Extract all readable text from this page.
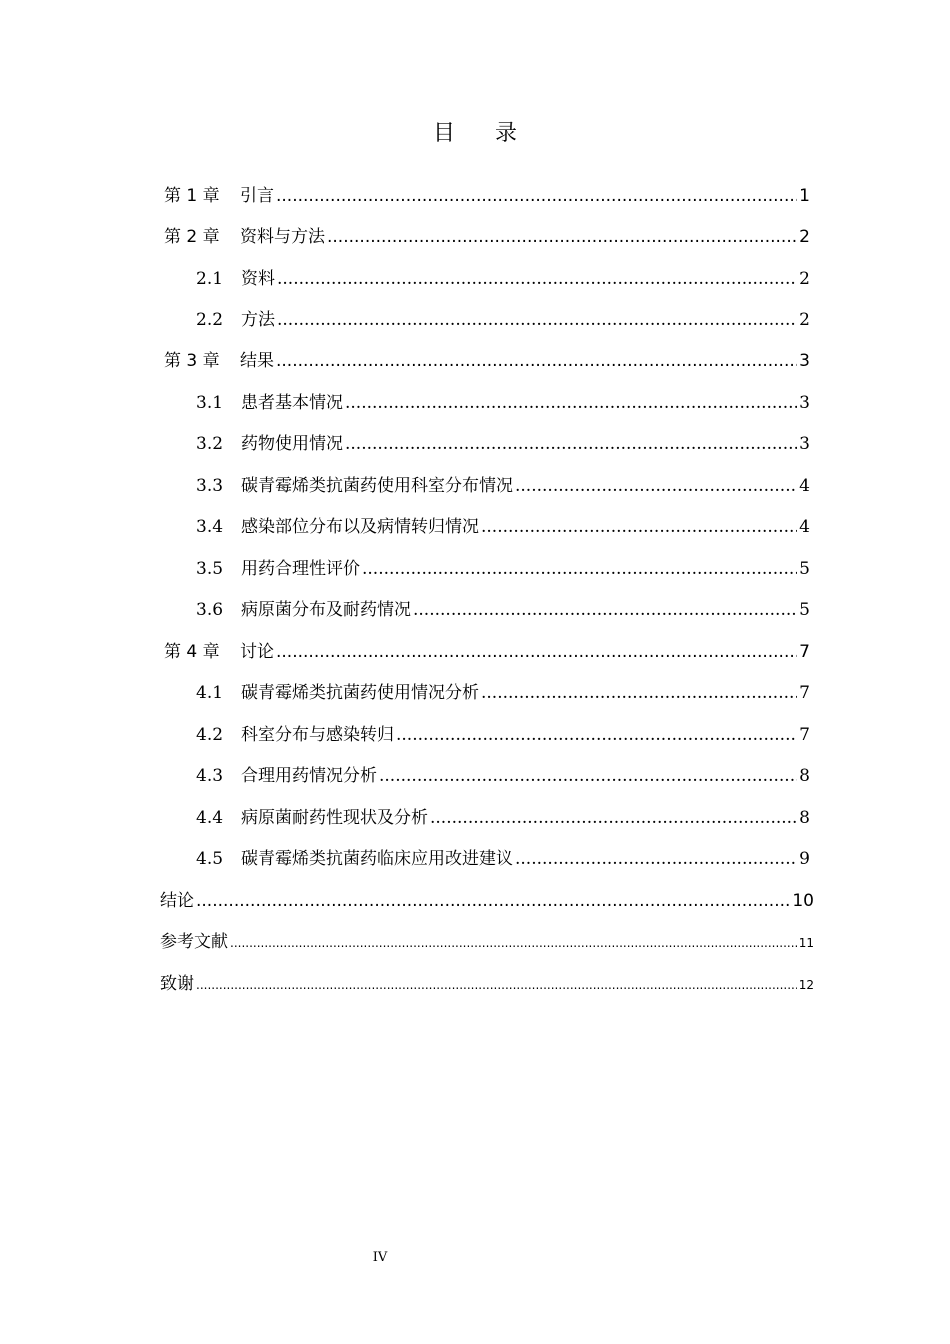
目录
第 1 章	引言 .....	1
第 2 章	资料与方法 .....	2
2.1	资料 .....	2
2.2	方法 .....	2
第 3 章	结果 .....	3
3.1	患者基本情况 .....	3
3.2	药物使用情况 .....	3
3.3	碳青霉烯类抗菌药使用科室分布情况 .....	4
3.4	感染部位分布以及病情转归情况 .....	4
3.5	用药合理性评价 .....	5
3.6	病原菌分布及耐药情况 .....	5
第 4 章	讨论 .....	7
4.1	碳青霉烯类抗菌药使用情况分析 .....	7
4.2	科室分布与感染转归 .....	7
4.3	合理用药情况分析 .....	8
4.4	病原菌耐药性现状及分析 .....	8
4.5	碳青霉烯类抗菌药临床应用改进建议 .....	9
结论 .....	10
参考文献 .....	11
致谢 .....	12
IV
